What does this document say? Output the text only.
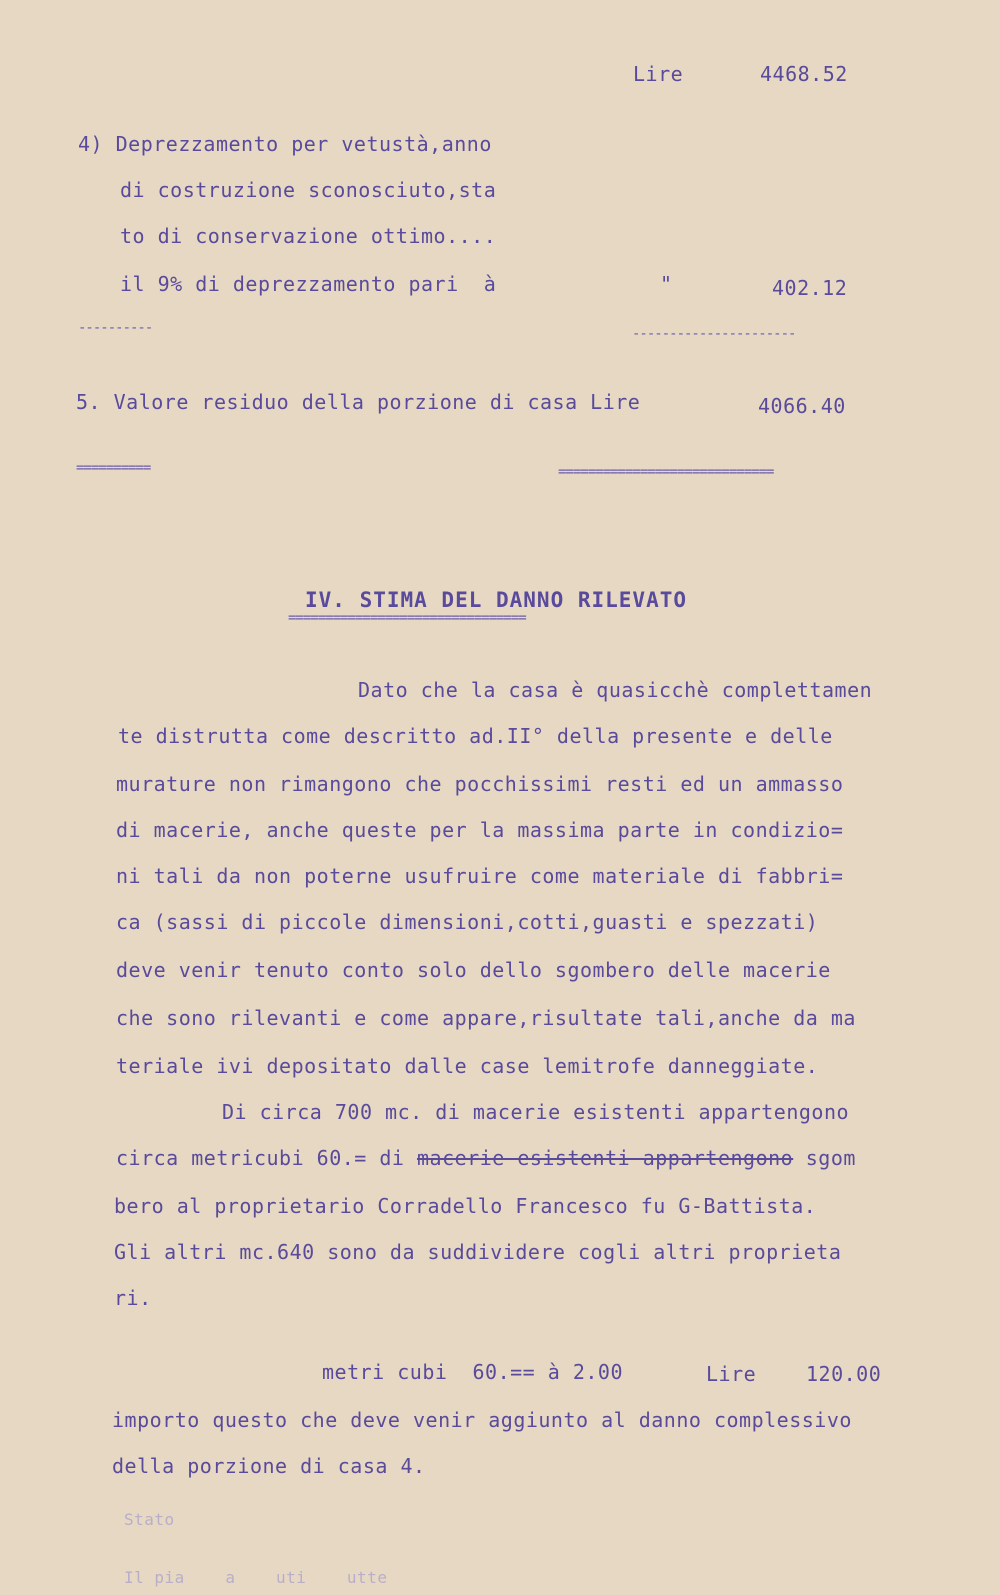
Lire	4468.52
4) Deprezzamento per vetustà,anno
di costruzione sconosciuto,sta
to di conservazione ottimo....
il 9% di deprezzamento pari  à	"	402.12
----------	----------------------
5. Valore residuo della porzione di casa Lire	4066.40
==========	=============================
IV. STIMA DEL DANNO RILEVATO
================================
Dato che la casa è quasicchè complettamen
te distrutta come descritto ad.II° della presente e delle
murature non rimangono che pocchissimi resti ed un ammasso
di macerie, anche queste per la massima parte in condizio=
ni tali da non poterne usufruire come materiale di fabbri=
ca (sassi di piccole dimensioni,cotti,guasti e spezzati)
deve venir tenuto conto solo dello sgombero delle macerie
che sono rilevanti e come appare,risultate tali,anche da ma
teriale ivi depositato dalle case lemitrofe danneggiate.
Di circa 700 mc. di macerie esistenti appartengono
circa metricubi 60.= di macerie esistenti appartengono sgom
bero al proprietario Corradello Francesco fu G-Battista.
Gli altri mc.640 sono da suddividere cogli altri proprieta
ri.
metri cubi  60.== à 2.00	Lire 120.00
importo questo che deve venir aggiunto al danno complessivo
della porzione di casa 4.
Stato
Il pia    a    uti    utte
